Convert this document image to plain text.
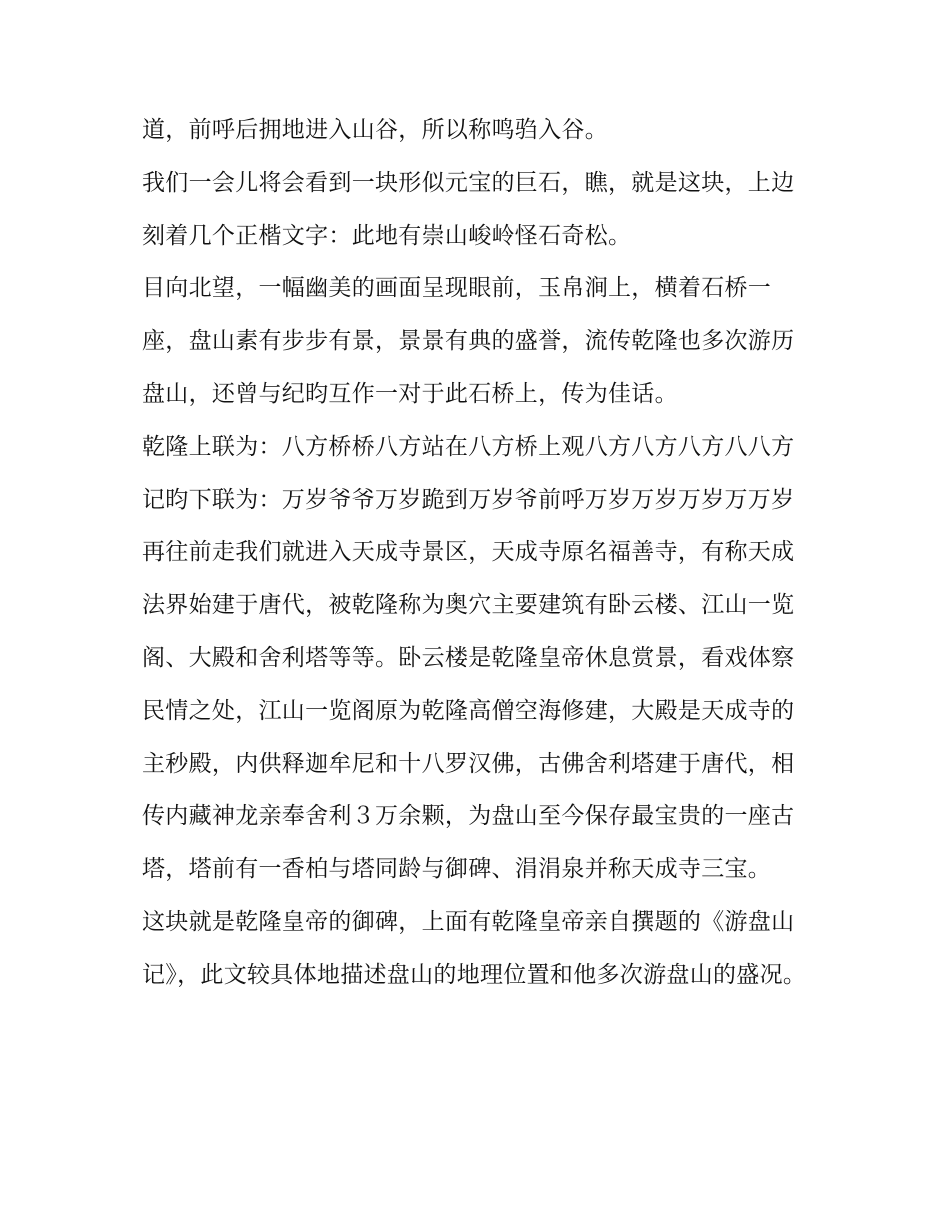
道，前呼后拥地进入山谷，所以称鸣驺入谷。

我们一会儿将会看到一块形似元宝的巨石，瞧，就是这块，上边刻着几个正楷文字：此地有崇山峻岭怪石奇松。

目向北望，一幅幽美的画面呈现眼前，玉帛涧上，横着石桥一座，盘山素有步步有景，景景有典的盛誉，流传乾隆也多次游历盘山，还曾与纪昀互作一对于此石桥上，传为佳话。

乾隆上联为：八方桥桥八方站在八方桥上观八方八方八方八八方 记昀下联为：万岁爷爷万岁跪到万岁爷前呼万岁万岁万岁万万岁

再往前走我们就进入天成寺景区，天成寺原名福善寺，有称天成法界始建于唐代，被乾隆称为奥穴主要建筑有卧云楼、江山一览阁、大殿和舍利塔等等。卧云楼是乾隆皇帝休息赏景，看戏体察民情之处，江山一览阁原为乾隆高僧空海修建，大殿是天成寺的主秒殿，内供释迦牟尼和十八罗汉佛，古佛舍利塔建于唐代，相传内藏神龙亲奉舍利３万余颗，为盘山至今保存最宝贵的一座古塔，塔前有一香柏与塔同龄与御碑、涓涓泉并称天成寺三宝。

这块就是乾隆皇帝的御碑，上面有乾隆皇帝亲自撰题的《游盘山记》，此文较具体地描述盘山的地理位置和他多次游盘山的盛况。
